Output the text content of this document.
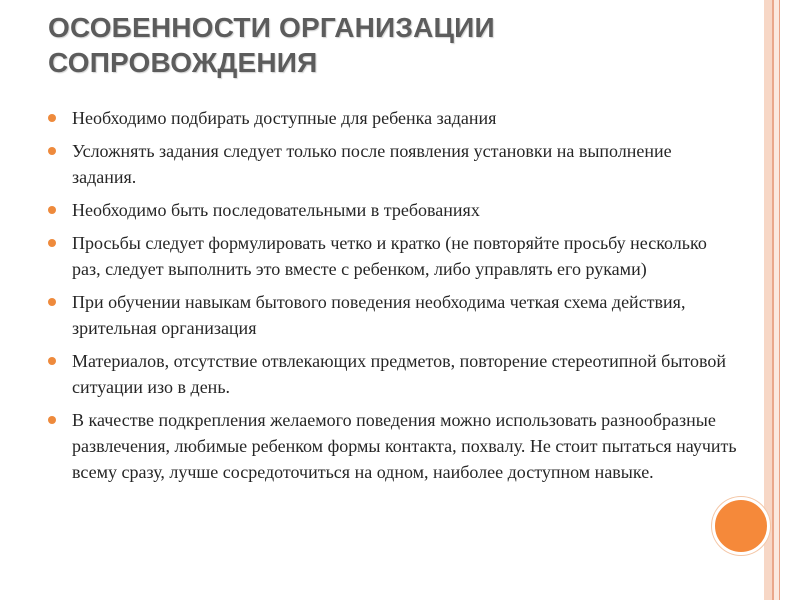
ОСОБЕННОСТИ ОРГАНИЗАЦИИ
СОПРОВОЖДЕНИЯ
Необходимо подбирать доступные для ребенка задания
Усложнять задания следует только после появления установки на выполнение задания.
Необходимо быть последовательными в требованиях
Просьбы следует формулировать четко и кратко (не повторяйте просьбу несколько раз, следует выполнить это вместе с ребенком, либо управлять его руками)
При обучении навыкам бытового поведения необходима четкая схема действия, зрительная организация
Материалов, отсутствие отвлекающих предметов, повторение стереотипной бытовой ситуации изо в день.
В качестве подкрепления желаемого поведения можно использовать разнообразные развлечения, любимые ребенком формы контакта, похвалу. Не стоит пытаться научить всему сразу, лучше сосредоточиться на одном, наиболее доступном навыке.
